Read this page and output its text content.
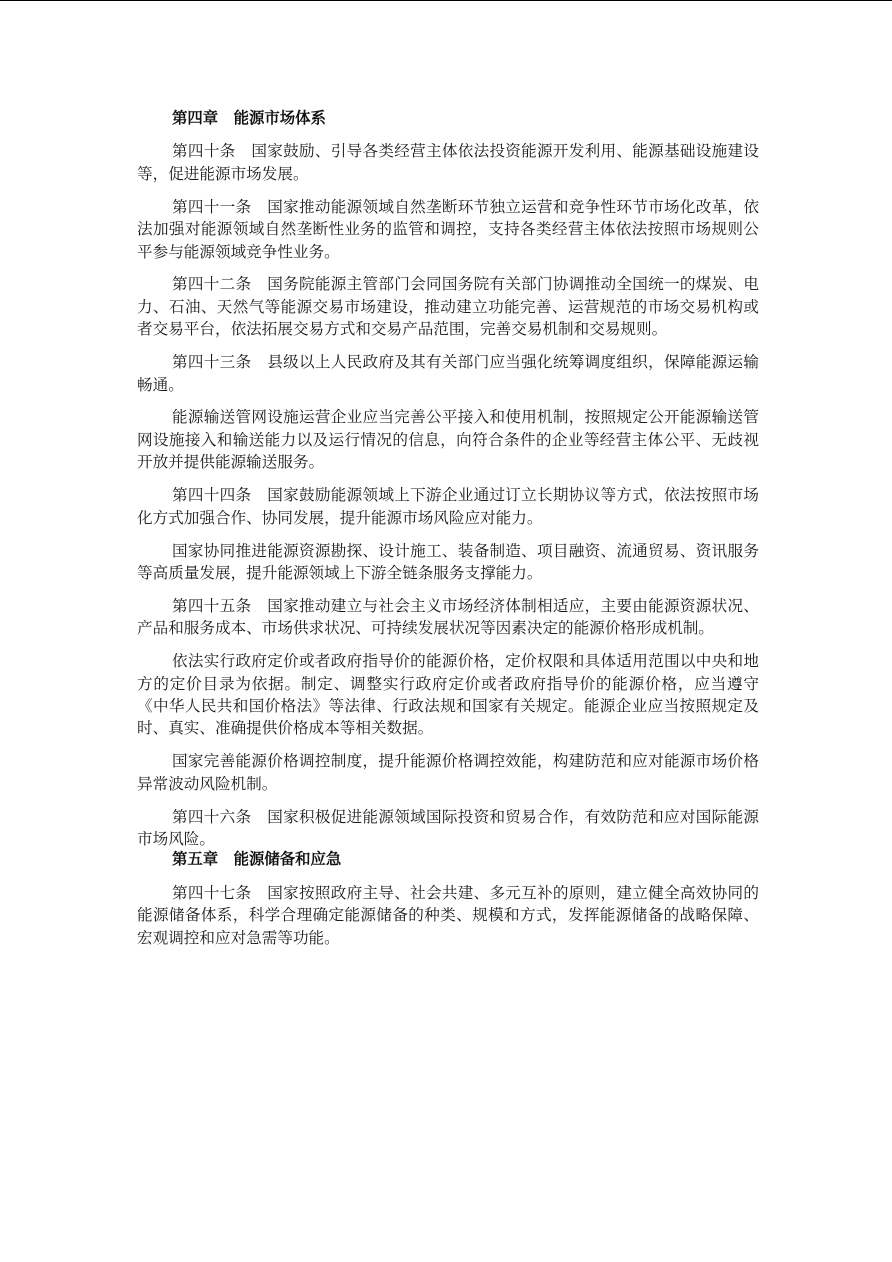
第四章　能源市场体系

第四十条　国家鼓励、引导各类经营主体依法投资能源开发利用、能源基础设施建设等，促进能源市场发展。

第四十一条　国家推动能源领域自然垄断环节独立运营和竞争性环节市场化改革，依法加强对能源领域自然垄断性业务的监管和调控，支持各类经营主体依法按照市场规则公平参与能源领域竞争性业务。

第四十二条　国务院能源主管部门会同国务院有关部门协调推动全国统一的煤炭、电力、石油、天然气等能源交易市场建设，推动建立功能完善、运营规范的市场交易机构或者交易平台，依法拓展交易方式和交易产品范围，完善交易机制和交易规则。

第四十三条　县级以上人民政府及其有关部门应当强化统筹调度组织，保障能源运输畅通。

能源输送管网设施运营企业应当完善公平接入和使用机制，按照规定公开能源输送管网设施接入和输送能力以及运行情况的信息，向符合条件的企业等经营主体公平、无歧视开放并提供能源输送服务。

第四十四条　国家鼓励能源领域上下游企业通过订立长期协议等方式，依法按照市场化方式加强合作、协同发展，提升能源市场风险应对能力。

国家协同推进能源资源勘探、设计施工、装备制造、项目融资、流通贸易、资讯服务等高质量发展，提升能源领域上下游全链条服务支撑能力。

第四十五条　国家推动建立与社会主义市场经济体制相适应，主要由能源资源状况、产品和服务成本、市场供求状况、可持续发展状况等因素决定的能源价格形成机制。

依法实行政府定价或者政府指导价的能源价格，定价权限和具体适用范围以中央和地方的定价目录为依据。制定、调整实行政府定价或者政府指导价的能源价格，应当遵守《中华人民共和国价格法》等法律、行政法规和国家有关规定。能源企业应当按照规定及时、真实、准确提供价格成本等相关数据。

国家完善能源价格调控制度，提升能源价格调控效能，构建防范和应对能源市场价格异常波动风险机制。

第四十六条　国家积极促进能源领域国际投资和贸易合作，有效防范和应对国际能源市场风险。

第五章　能源储备和应急

第四十七条　国家按照政府主导、社会共建、多元互补的原则，建立健全高效协同的能源储备体系，科学合理确定能源储备的种类、规模和方式，发挥能源储备的战略保障、宏观调控和应对急需等功能。
